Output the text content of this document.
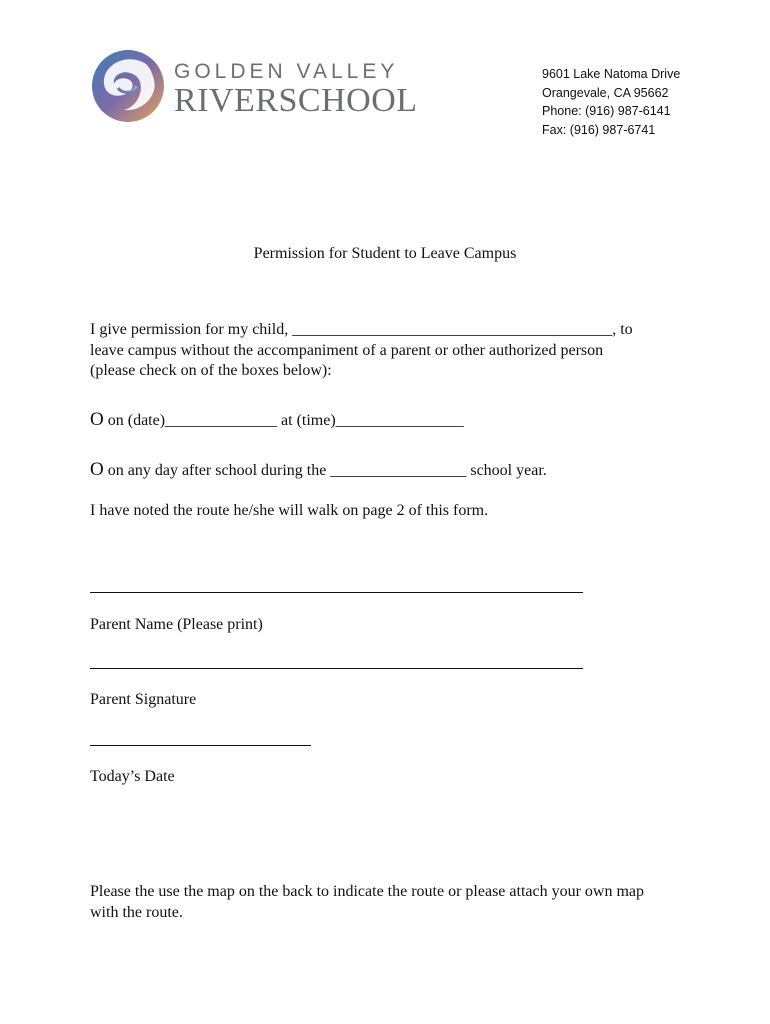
GOLDEN VALLEY
RIVERSCHOOL
9601 Lake Natoma Drive
Orangevale, CA 95662
Phone: (916) 987-6141
Fax: (916) 987-6741
Permission for Student to Leave Campus
I give permission for my child, ________________________________________, to
leave campus without the accompaniment of a parent or other authorized person
(please check on of the boxes below):
O on (date)______________ at (time)________________
O on any day after school during the _________________ school year.
I have noted the route he/she will walk on page 2 of this form.
Parent Name (Please print)
Parent Signature
Today’s Date
Please the use the map on the back to indicate the route or please attach your own map
with the route.
